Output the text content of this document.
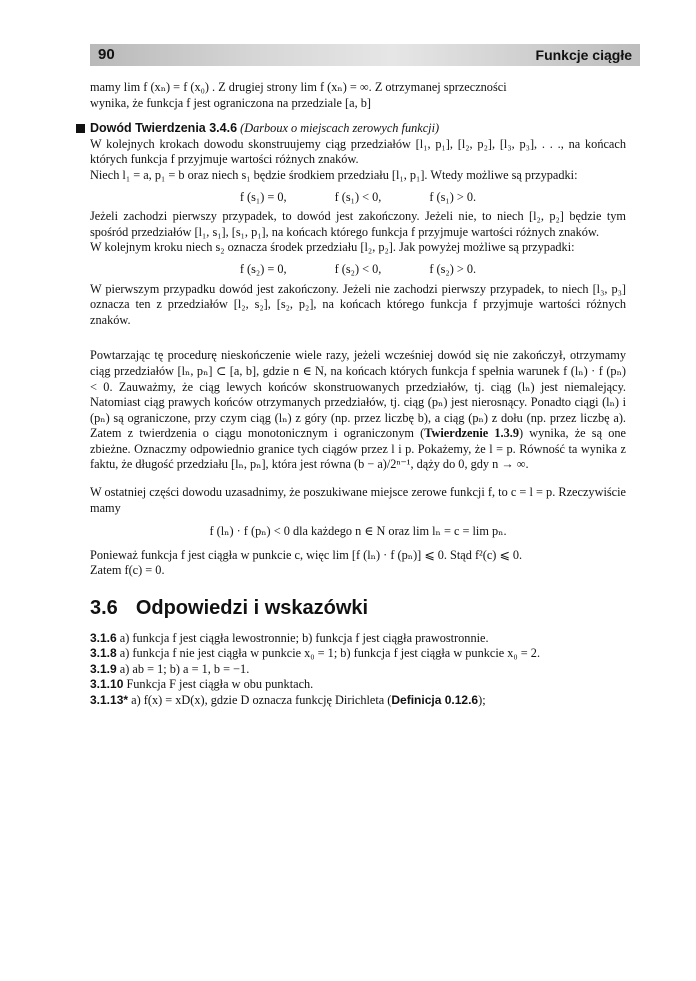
90	Funkcje ciągłe

mamy lim f (xₙ) = f (x₀) . Z drugiej strony lim f (xₙ) = ∞. Z otrzymanej sprzeczności

wynika, że funkcja f jest ograniczona na przedziale [a, b]

Dowód Twierdzenia 3.4.6 (Darboux o miejscach zerowych funkcji)

W kolejnych krokach dowodu skonstruujemy ciąg przedziałów [l₁, p₁], [l₂, p₂], [l₃, p₃], . . ., na końcach których funkcja f przyjmuje wartości różnych znaków.

Niech l₁ = a, p₁ = b oraz niech s₁ będzie środkiem przedziału [l₁, p₁]. Wtedy możliwe są przypadki:

f (s₁) = 0,	f (s₁) < 0,	f (s₁) > 0.

Jeżeli zachodzi pierwszy przypadek, to dowód jest zakończony. Jeżeli nie, to niech [l₂, p₂] będzie tym spośród przedziałów [l₁, s₁], [s₁, p₁], na końcach którego funkcja f przyjmuje wartości różnych znaków.

W kolejnym kroku niech s₂ oznacza środek przedziału [l₂, p₂]. Jak powyżej możliwe są przypadki:

f (s₂) = 0,	f (s₂) < 0,	f (s₂) > 0.

W pierwszym przypadku dowód jest zakończony. Jeżeli nie zachodzi pierwszy przypadek, to niech [l₃, p₃] oznacza ten z przedziałów [l₂, s₂], [s₂, p₂], na końcach którego funkcja f przyjmuje wartości różnych znaków.

Powtarzając tę procedurę nieskończenie wiele razy, jeżeli wcześniej dowód się nie zakończył, otrzymamy ciąg przedziałów [lₙ, pₙ] ⊂ [a, b], gdzie n ∈ N, na końcach których funkcja f spełnia warunek f (lₙ) · f (pₙ) < 0. Zauważmy, że ciąg lewych końców skonstruowanych przedziałów, tj. ciąg (lₙ) jest niemalejący. Natomiast ciąg prawych końców otrzymanych przedziałów, tj. ciąg (pₙ) jest nierosnący. Ponadto ciągi (lₙ) i (pₙ) są ograniczone, przy czym ciąg (lₙ) z góry (np. przez liczbę b), a ciąg (pₙ) z dołu (np. przez liczbę a). Zatem z twierdzenia o ciągu monotonicznym i ograniczonym (Twierdzenie 1.3.9) wynika, że są one zbieżne. Oznaczmy odpowiednio granice tych ciągów przez l i p. Pokażemy, że l = p. Równość ta wynika z faktu, że długość przedziału [lₙ, pₙ], która jest równa (b − a)/2ⁿ⁻¹, dąży do 0, gdy n → ∞.

W ostatniej części dowodu uzasadnimy, że poszukiwane miejsce zerowe funkcji f, to c = l = p. Rzeczywiście mamy

f (lₙ) · f (pₙ) < 0 dla każdego n ∈ N oraz lim lₙ = c = lim pₙ.

Ponieważ funkcja f jest ciągła w punkcie c, więc lim [f (lₙ) · f (pₙ)] ⩽ 0. Stąd f²(c) ⩽ 0.

Zatem f(c) = 0.

3.6 Odpowiedzi i wskazówki

3.1.6 a) funkcja f jest ciągła lewostronnie; b) funkcja f jest ciągła prawostronnie.

3.1.8 a) funkcja f nie jest ciągła w punkcie x₀ = 1; b) funkcja f jest ciągła w punkcie x₀ = 2.

3.1.9 a) ab = 1; b) a = 1, b = −1.

3.1.10 Funkcja F jest ciągła w obu punktach.

3.1.13* a) f(x) = xD(x), gdzie D oznacza funkcję Dirichleta (Definicja 0.12.6);
